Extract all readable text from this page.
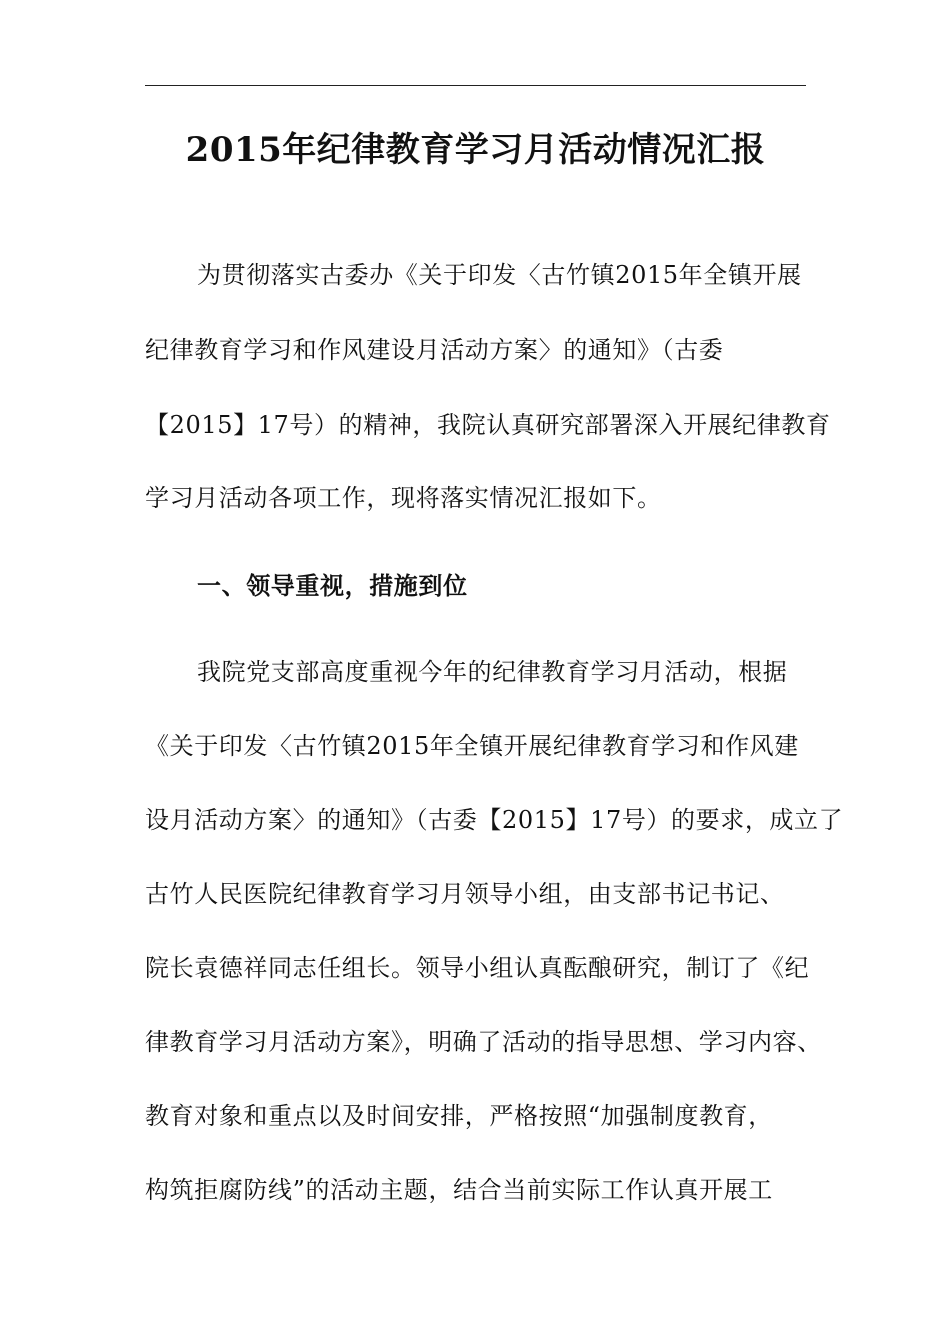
2015年纪律教育学习月活动情况汇报
为贯彻落实古委办《关于印发〈古竹镇2015年全镇开展
纪律教育学习和作风建设月活动方案〉的通知》（古委
【2015】17号）的精神，我院认真研究部署深入开展纪律教育
学习月活动各项工作，现将落实情况汇报如下。
一、领导重视，措施到位
我院党支部高度重视今年的纪律教育学习月活动，根据
《关于印发〈古竹镇2015年全镇开展纪律教育学习和作风建
设月活动方案〉的通知》（古委【2015】17号）的要求，成立了
古竹人民医院纪律教育学习月领导小组，由支部书记书记、
院长袁德祥同志任组长。领导小组认真酝酿研究，制订了《纪
律教育学习月活动方案》，明确了活动的指导思想、学习内容、
教育对象和重点以及时间安排，严格按照“加强制度教育，
构筑拒腐防线”的活动主题，结合当前实际工作认真开展工
